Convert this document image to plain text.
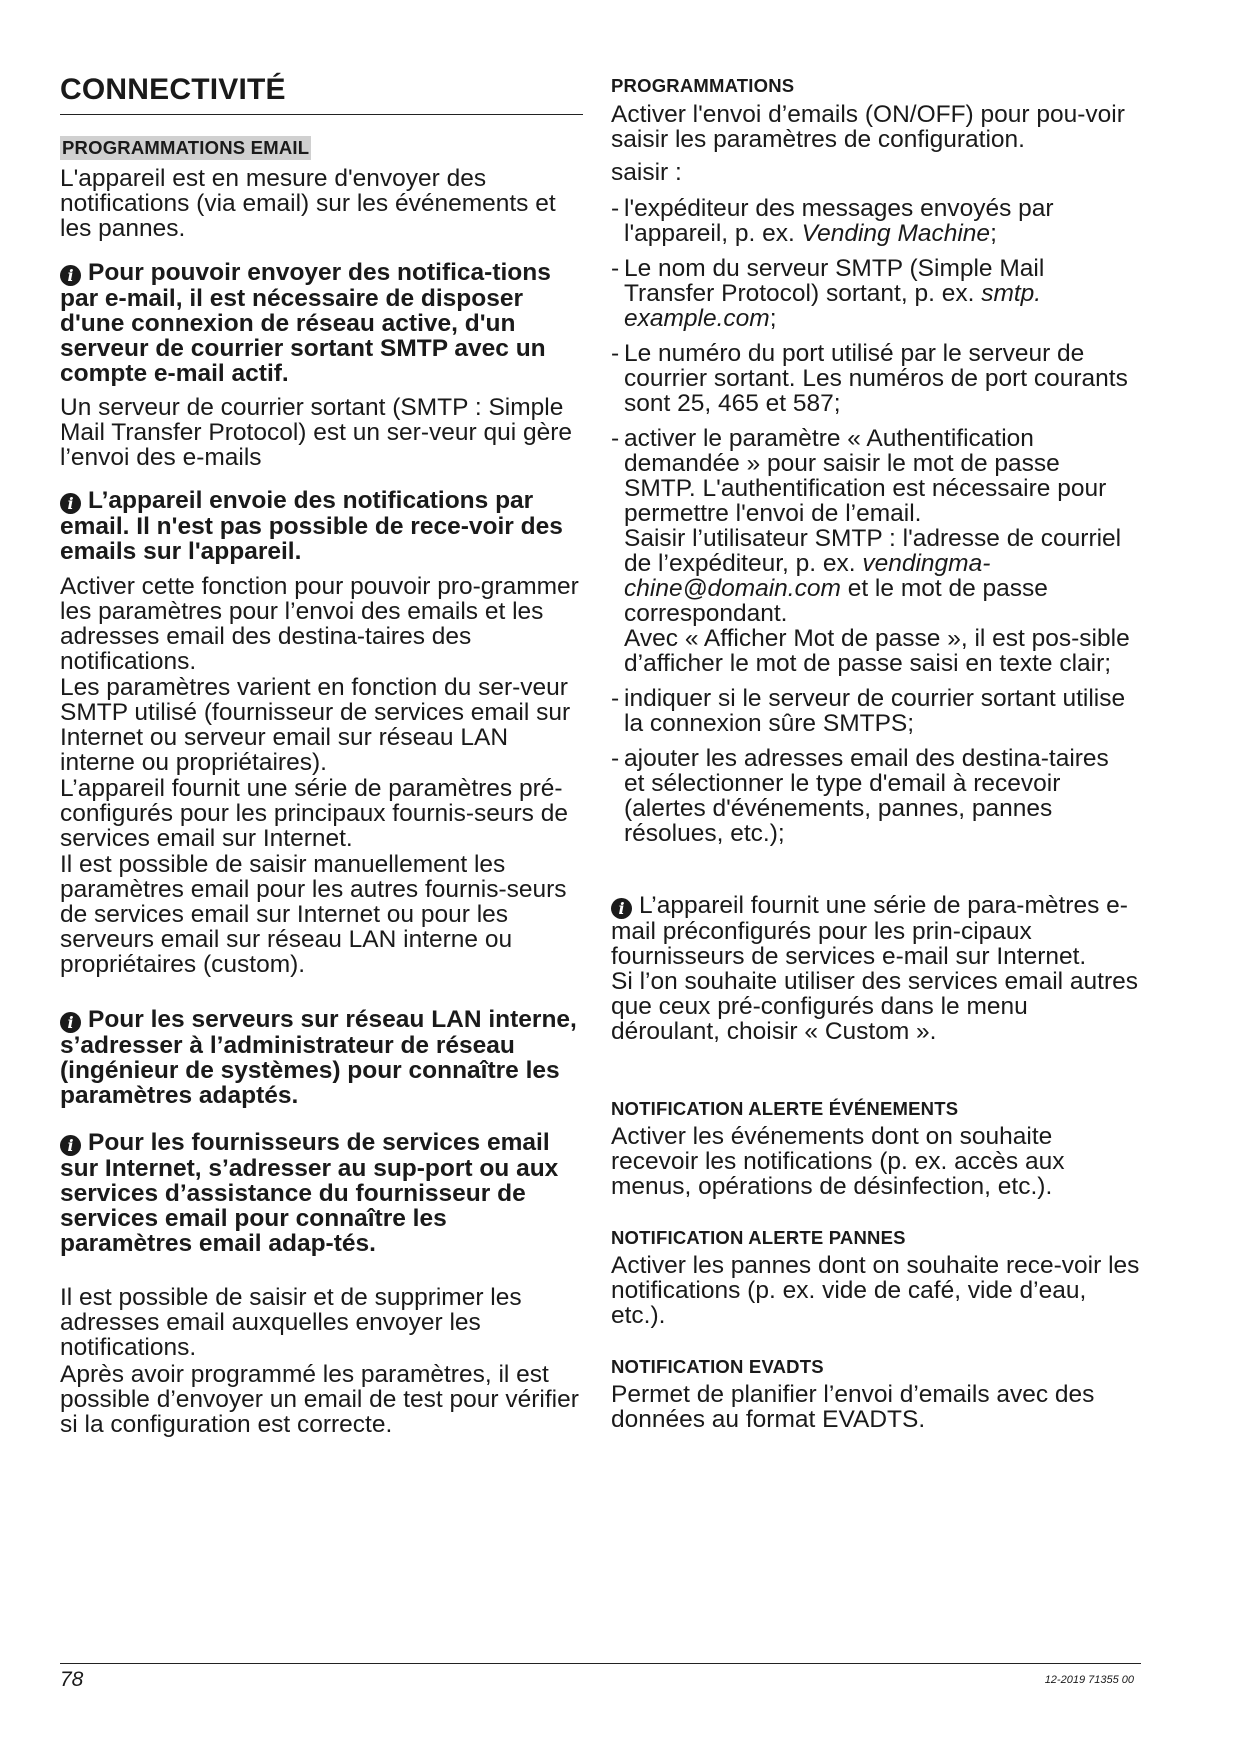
CONNECTIVITÉ
PROGRAMMATIONS EMAIL

L'appareil est en mesure d'envoyer des notifications (via email) sur les événements et les pannes.

i Pour pouvoir envoyer des notifica-tions par e-mail, il est nécessaire de disposer d'une connexion de réseau active, d'un serveur de courrier sortant SMTP avec un compte e-mail actif.

Un serveur de courrier sortant (SMTP : Simple Mail Transfer Protocol) est un ser-veur qui gère l’envoi des e-mails

i L’appareil envoie des notifications par email. Il n'est pas possible de rece-voir des emails sur l'appareil.

Activer cette fonction pour pouvoir pro-grammer les paramètres pour l’envoi des emails et les adresses email des destina-taires des notifications.

Les paramètres varient en fonction du ser-veur SMTP utilisé (fournisseur de services email sur Internet ou serveur email sur réseau LAN interne ou propriétaires).

L’appareil fournit une série de paramètres pré-configurés pour les principaux fournis-seurs de services email sur Internet.

Il est possible de saisir manuellement les paramètres email pour les autres fournis-seurs de services email sur Internet ou pour les serveurs email sur réseau LAN interne ou propriétaires (custom).

i Pour les serveurs sur réseau LAN interne, s’adresser à l’administrateur de réseau (ingénieur de systèmes) pour connaître les paramètres adaptés.

i Pour les fournisseurs de services email sur Internet, s’adresser au sup-port ou aux services d’assistance du fournisseur de services email pour connaître les paramètres email adap-tés.

Il est possible de saisir et de supprimer les adresses email auxquelles envoyer les notifications.

Après avoir programmé les paramètres, il est possible d’envoyer un email de test pour vérifier si la configuration est correcte.

PROGRAMMATIONS

Activer l'envoi d’emails (ON/OFF) pour pou-voir saisir les paramètres de configuration.

saisir :

- l'expéditeur des messages envoyés par l'appareil, p. ex. Vending Machine;
- Le nom du serveur SMTP (Simple Mail Transfer Protocol) sortant, p. ex. smtp. example.com;
- Le numéro du port utilisé par le serveur de courrier sortant. Les numéros de port courants sont 25, 465 et 587;
- activer le paramètre « Authentification demandée » pour saisir le mot de passe SMTP. L'authentification est nécessaire pour permettre l'envoi de l’email.
Saisir l’utilisateur SMTP : l'adresse de courriel de l’expéditeur, p. ex. vendingma-chine@domain.com et le mot de passe correspondant.
Avec « Afficher Mot de passe », il est pos-sible d’afficher le mot de passe saisi en texte clair;
- indiquer si le serveur de courrier sortant utilise la connexion sûre SMTPS;
- ajouter les adresses email des destina-taires et sélectionner le type d'email à recevoir (alertes d'événements, pannes, pannes résolues, etc.);

i L’appareil fournit une série de para-mètres e-mail préconfigurés pour les prin-cipaux fournisseurs de services e-mail sur Internet.
Si l’on souhaite utiliser des services email autres que ceux pré-configurés dans le menu déroulant, choisir « Custom ».

NOTIFICATION ALERTE ÉVÉNEMENTS

Activer les événements dont on souhaite recevoir les notifications (p. ex. accès aux menus, opérations de désinfection, etc.).

NOTIFICATION ALERTE PANNES

Activer les pannes dont on souhaite rece-voir les notifications (p. ex. vide de café, vide d’eau, etc.).

NOTIFICATION EVADTS

Permet de planifier l’envoi d’emails avec des données au format EVADTS.

78	12-2019 71355 00
